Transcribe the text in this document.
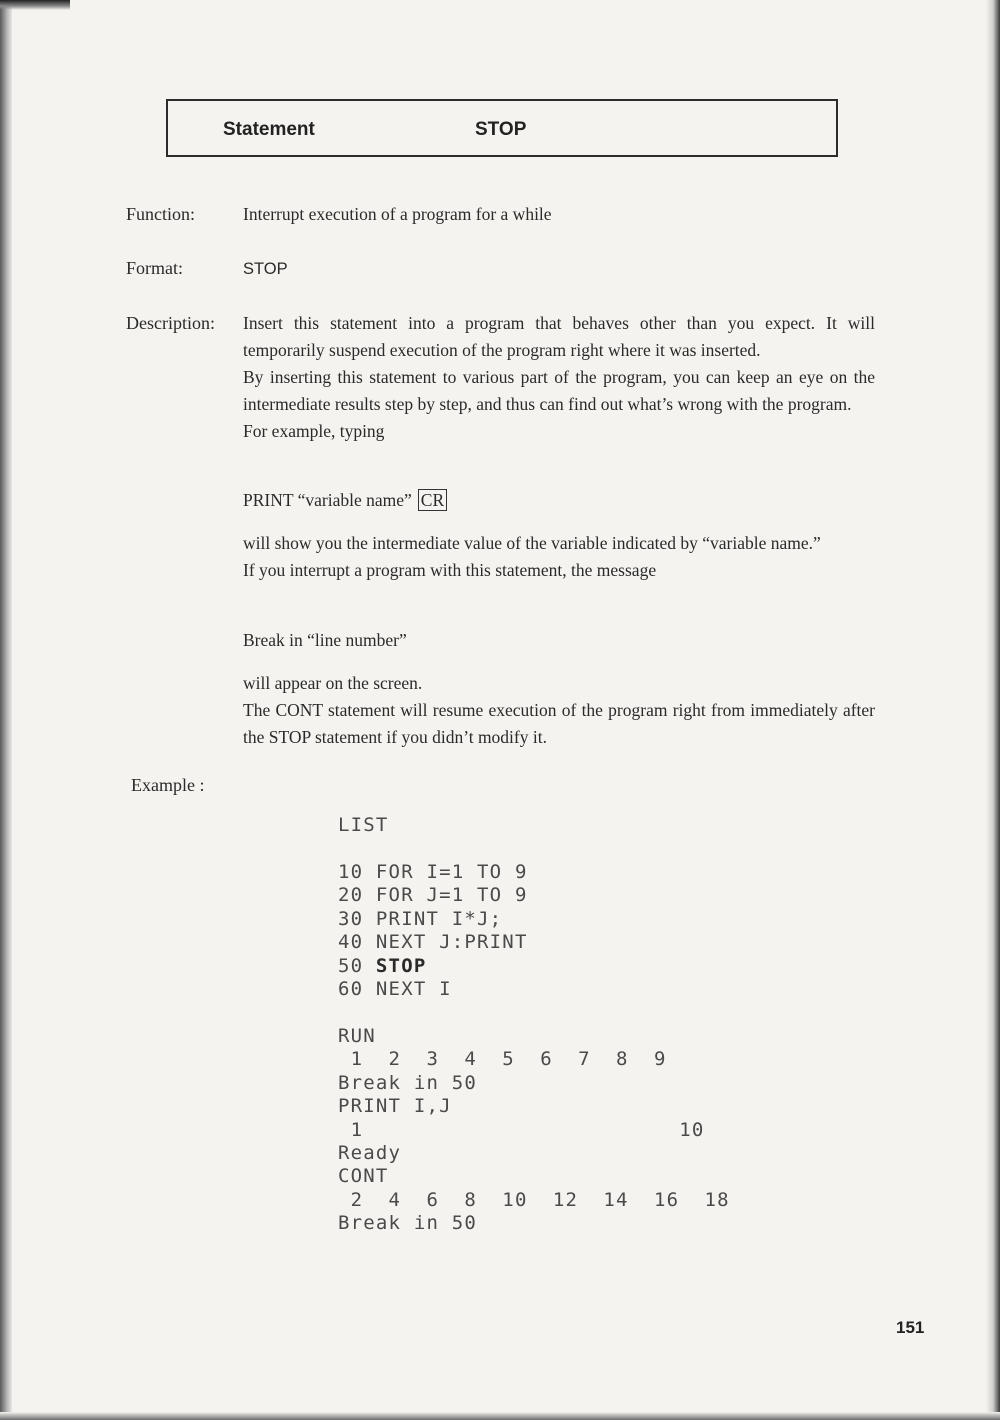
Statement	STOP
Function:	Interrupt execution of a program for a while
Format:	STOP
Description: Insert this statement into a program that behaves other than you expect. It will temporarily suspend execution of the program right where it was inserted.

By inserting this statement to various part of the program, you can keep an eye on the intermediate results step by step, and thus can find out what’s wrong with the program.

For example, typing

PRINT “variable name” CR

will show you the intermediate value of the variable indicated by “variable name.”

If you interrupt a program with this statement, the message

Break in “line number”

will appear on the screen.

The CONT statement will resume execution of the program right from immediately after the STOP statement if you didn’t modify it.

Example :
LIST
10 FOR I=1 TO 9
20 FOR J=1 TO 9
30 PRINT I*J;
40 NEXT J:PRINT
50 STOP
60 NEXT I
RUN
1  2  3  4  5  6  7  8  9
Break in 50
PRINT I,J
1                         10
Ready
CONT
2  4  6  8  10  12  14  16  18
Break in 50
151
